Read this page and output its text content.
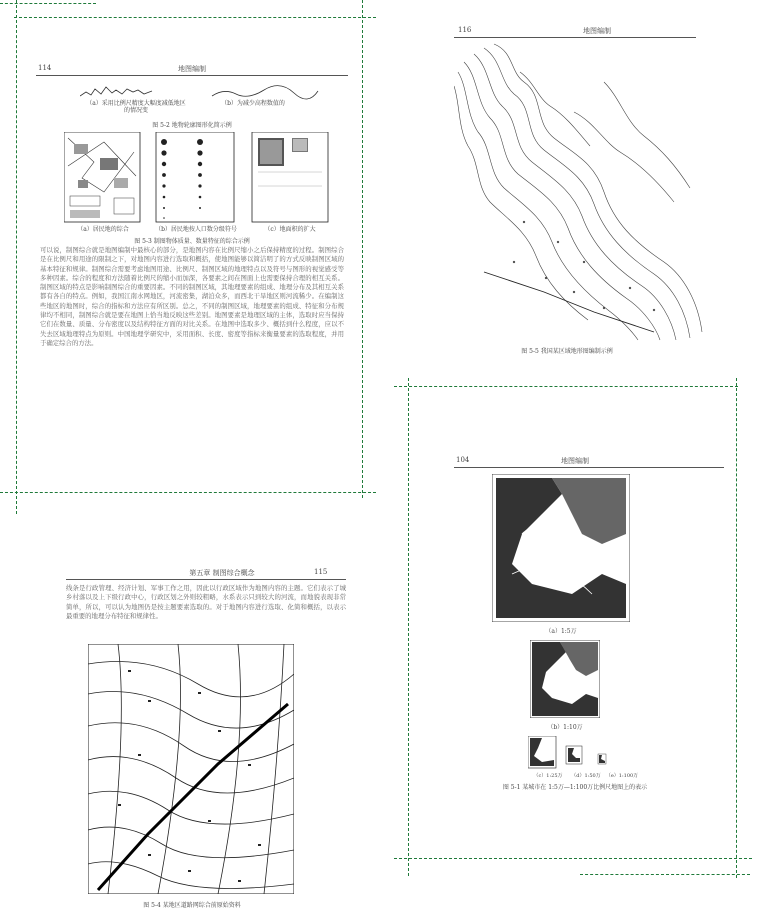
114	地图编制
（a）采用比例尺精度大幅度减低地区的情况变
（b）为减少高程数值的
图 5-2 地物轮廓图形化简示例
（a）居民地的综合	（b）居民地按人口数分级符号	（c）地面积的扩大
图 5-3 制图物体质量、数量特征的综合示例
可以说，制图综合就是地图编制中最核心的部分，是地图内容在比例尺缩小之后保持精度的过程。制图综合是在比例尺和用途的限制之下，对地图内容进行选取和概括，使地图能够以简洁明了的方式反映制图区域的基本特征和规律。制图综合需要考虑地图用途、比例尺、制图区域的地理特点以及符号与图形的视觉感受等多种因素。综合的程度和方法随着比例尺的缩小而加深，各要素之间在图面上也需要保持合理的相互关系。制图区域的特点是影响制图综合的重要因素。不同的制图区域，其地理要素的组成、地理分布及其相互关系都有各自的特点。例如，我国江南水网地区，河流密集，湖泊众多，而西北干旱地区则河流稀少。在编制这些地区的地图时，综合的指标和方法应有所区别。总之，不同的制图区域，地理要素的组成、特征和分布规律均不相同，制图综合就是要在地图上恰当地反映这些差别。地图要素是地理区域的主体，选取时应当保持它们在数量、质量、分布密度以及结构特征方面的对比关系。在地图中选取多少、概括到什么程度，应以不失去区域地理特点为原则。中国地理学研究中，采用面积、长度、密度等指标来衡量要素的选取程度，并用于确定综合的方法。
116	地图编制
图 5-5 我国某区域地形图编制示例
第五章 制图综合概念	115
线条是行政管理、经济计划、军事工作之用，因此以行政区域作为地图内容的主题。它们表示了城乡村落以及上下级行政中心，行政区划之外则较粗略，水系表示只到较大的河流，而地貌表现非常简单，所以，可以认为地图仍是按主题要素选取的。对于地图内容进行选取、化简和概括，以表示最重要的地理分布特征和规律性。
图 5-4 某地区道路网综合前原始资料
104	地图编制
（a）1:5万
（b）1:10万
（c）1:25万	（d）1:50万	（e）1:100万
图 5-1 某城市在 1:5万—1:100万比例尺地图上的表示
